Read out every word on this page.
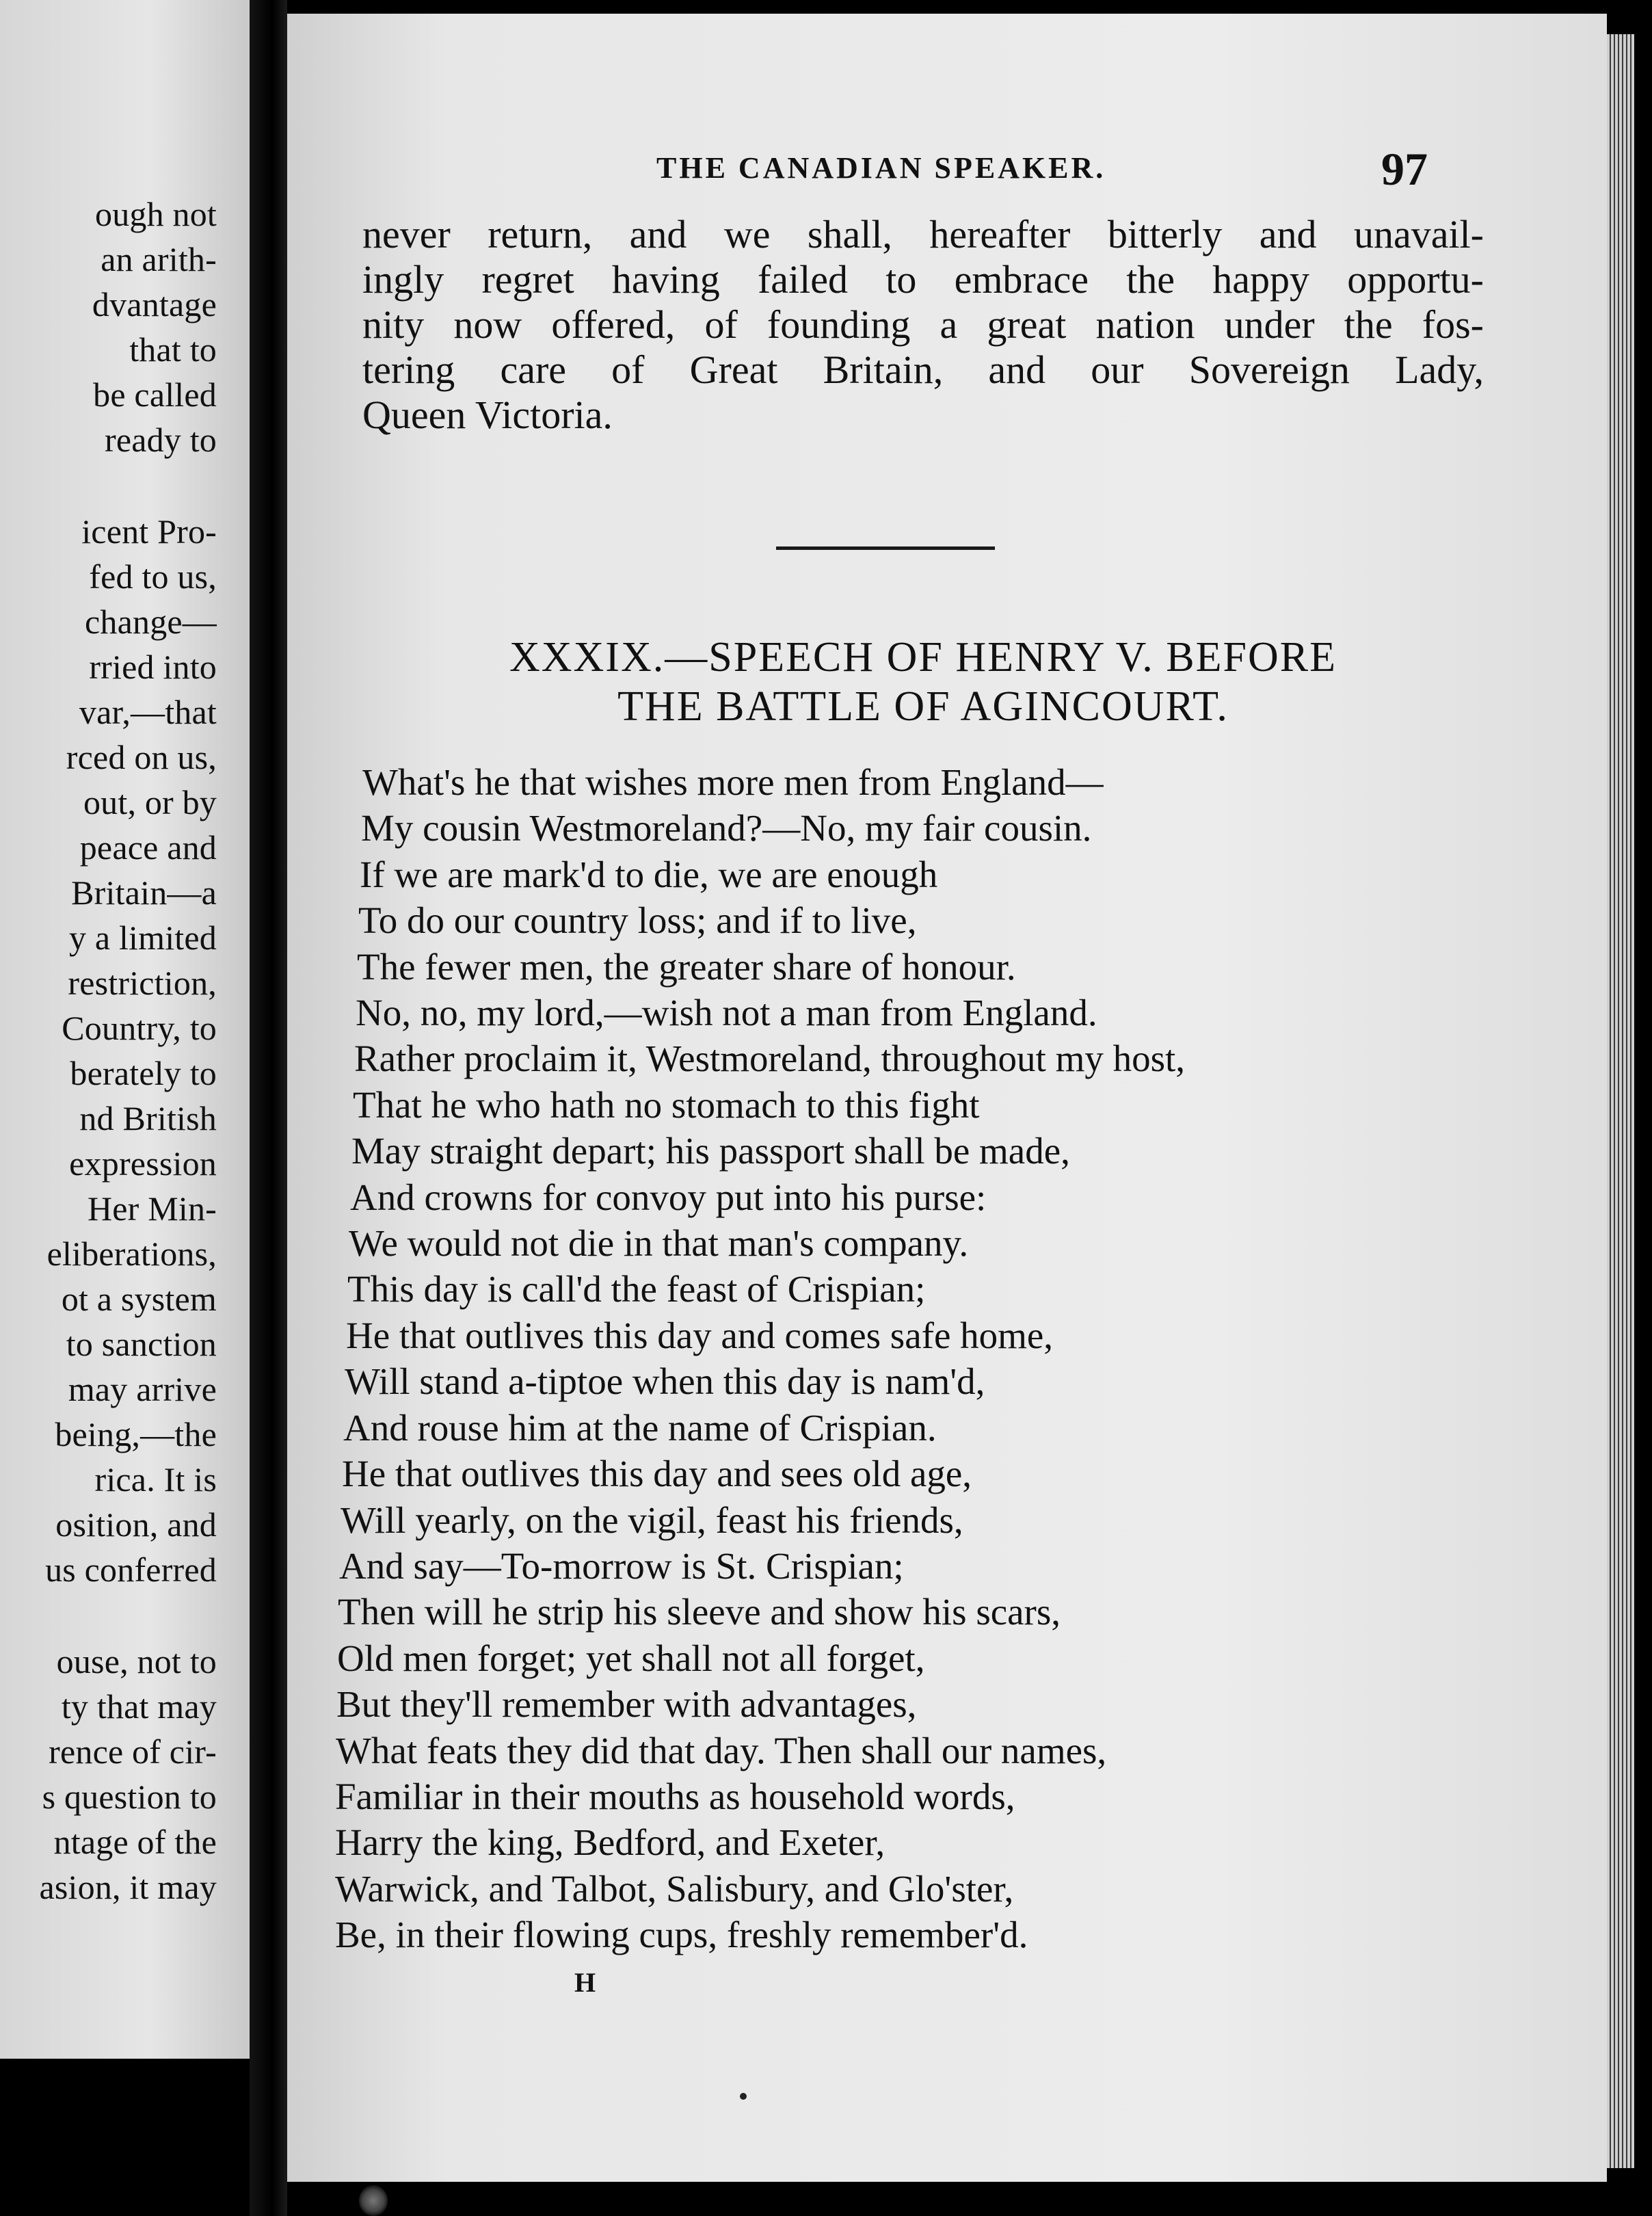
ough not
an arith-
dvantage
that to
be called
ready to
icent Pro-
fed to us,
change—
rried into
var,—that
rced on us,
out, or by
peace and
Britain—a
y a limited
restriction,
Country, to
berately to
nd British
expression
Her Min-
eliberations,
ot a system
to sanction
may arrive
being,—the
rica. It is
osition, and
us conferred
ouse, not to
ty that may
rence of cir-
s question to
ntage of the
asion, it may
THE CANADIAN SPEAKER.	97
never return, and we shall, hereafter bitterly and unavail-
ingly regret having failed to embrace the happy opportu-
nity now offered, of founding a great nation under the fos-
tering care of Great Britain, and our Sovereign Lady,
Queen Victoria.
XXXIX.—SPEECH OF HENRY V. BEFORE
THE BATTLE OF AGINCOURT.
What's he that wishes more men from England—
My cousin Westmoreland?—No, my fair cousin.
If we are mark'd to die, we are enough
To do our country loss; and if to live,
The fewer men, the greater share of honour.
No, no, my lord,—wish not a man from England.
Rather proclaim it, Westmoreland, throughout my host,
That he who hath no stomach to this fight
May straight depart; his passport shall be made,
And crowns for convoy put into his purse:
We would not die in that man's company.
This day is call'd the feast of Crispian;
He that outlives this day and comes safe home,
Will stand a-tiptoe when this day is nam'd,
And rouse him at the name of Crispian.
He that outlives this day and sees old age,
Will yearly, on the vigil, feast his friends,
And say—To-morrow is St. Crispian;
Then will he strip his sleeve and show his scars,
Old men forget; yet shall not all forget,
But they'll remember with advantages,
What feats they did that day. Then shall our names,
Familiar in their mouths as household words,
Harry the king, Bedford, and Exeter,
Warwick, and Talbot, Salisbury, and Glo'ster,
Be, in their flowing cups, freshly remember'd.
H
